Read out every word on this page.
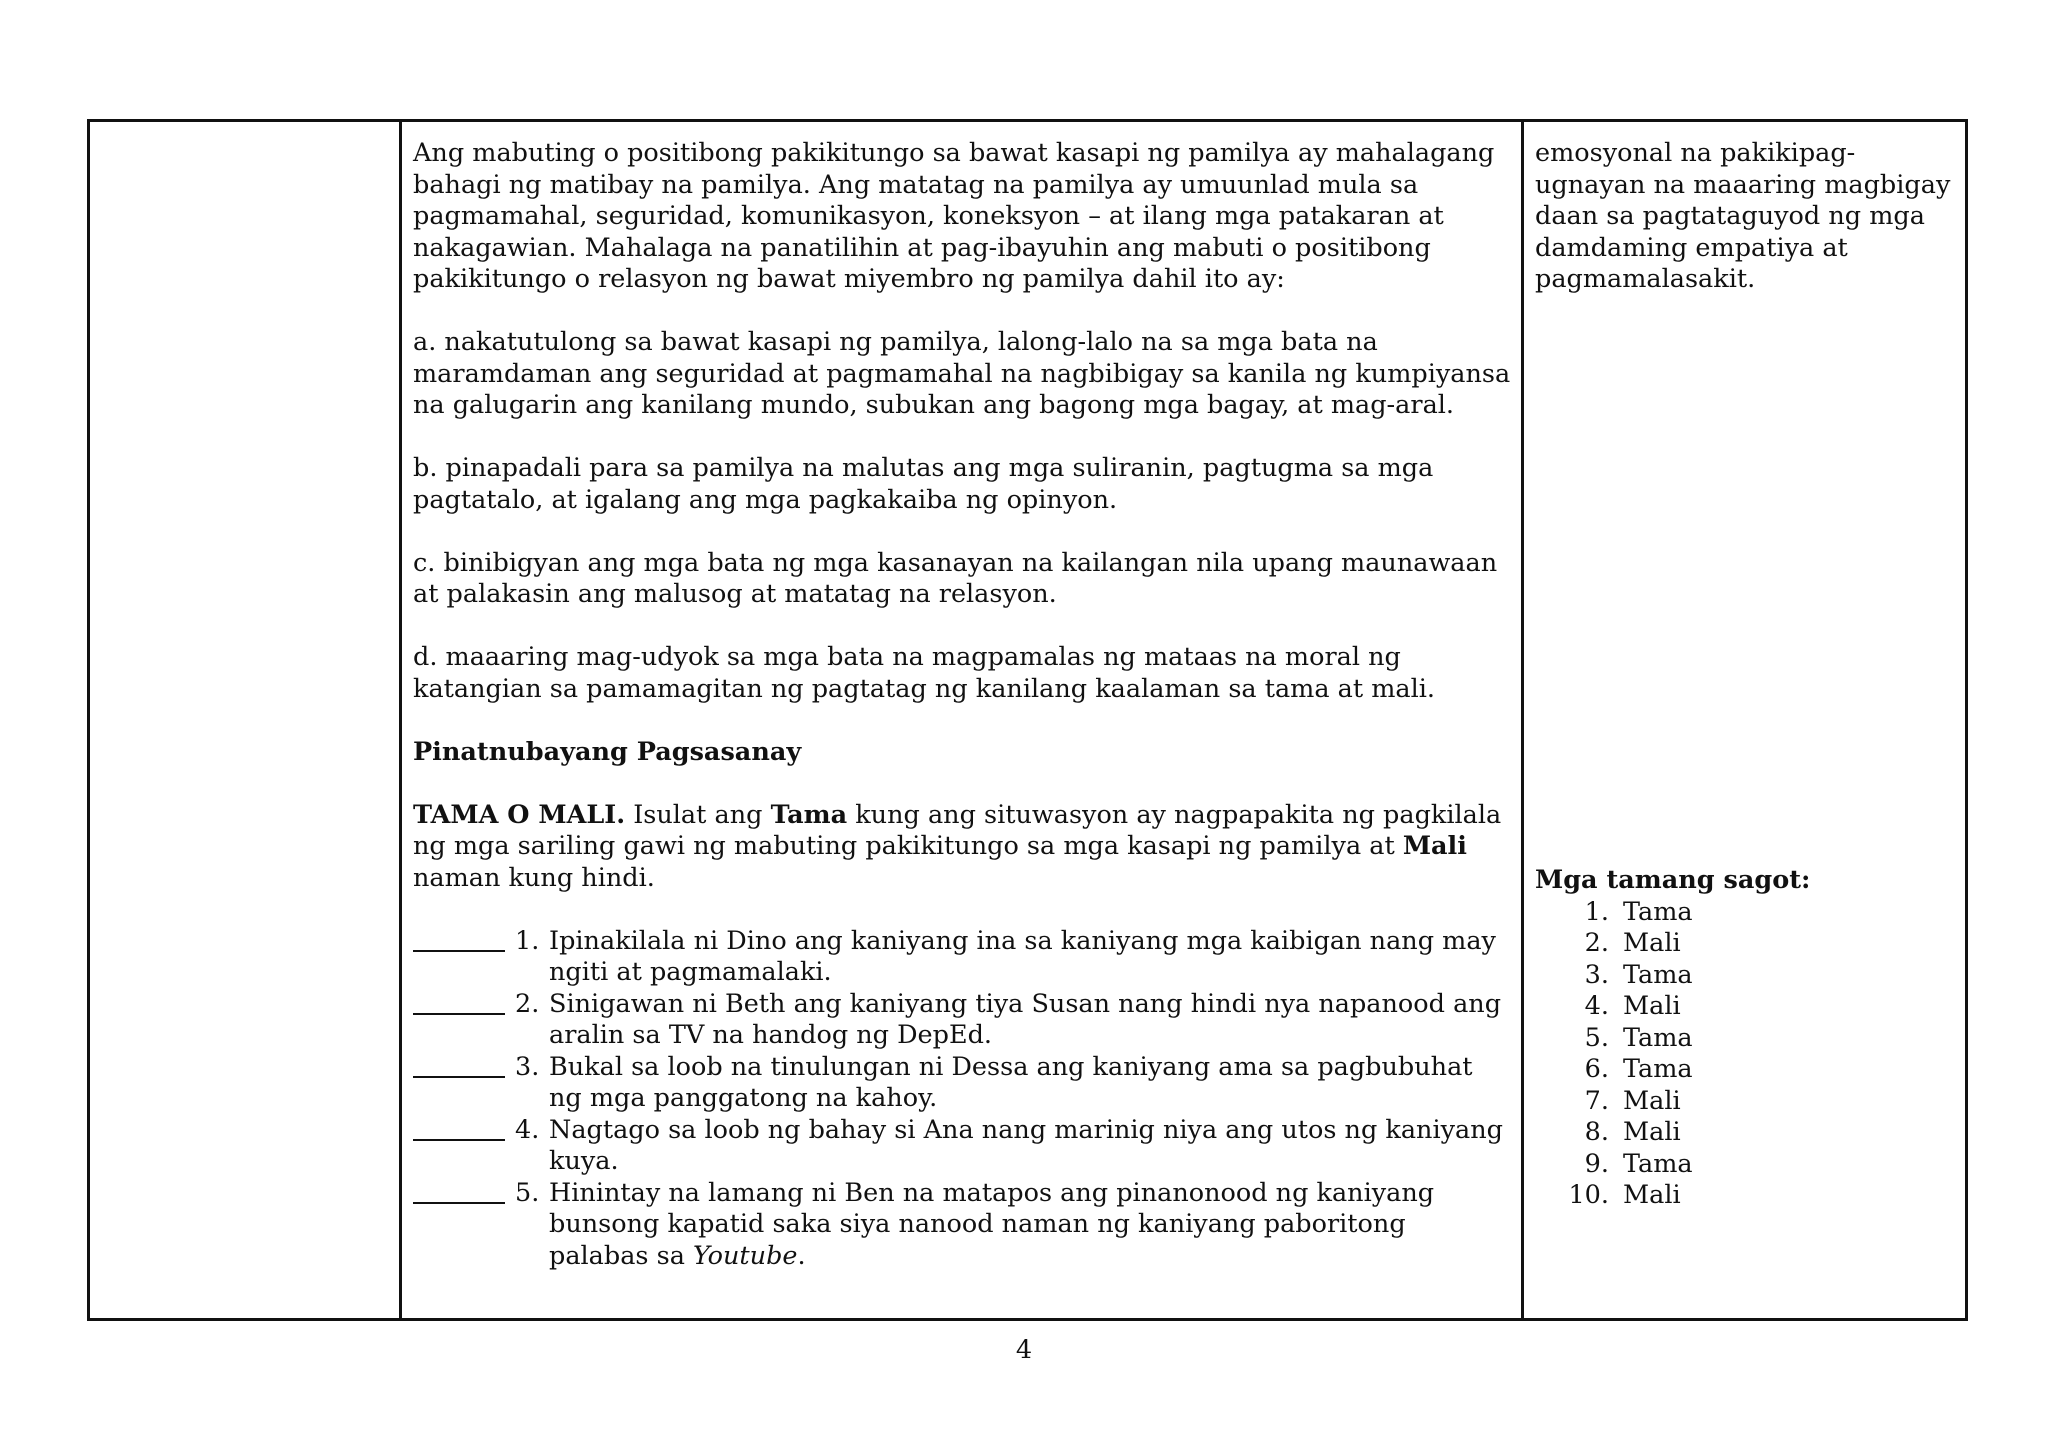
Ang mabuting o positibong pakikitungo sa bawat kasapi ng pamilya ay mahalagang bahagi ng matibay na pamilya. Ang matatag na pamilya ay umuunlad mula sa pagmamahal, seguridad, komunikasyon, koneksyon – at ilang mga patakaran at nakagawian. Mahalaga na panatilihin at pag-ibayuhin ang mabuti o positibong pakikitungo o relasyon ng bawat miyembro ng pamilya dahil ito ay:

a. nakatutulong sa bawat kasapi ng pamilya, lalong-lalo na sa mga bata na maramdaman ang seguridad at pagmamahal na nagbibigay sa kanila ng kumpiyansa na galugarin ang kanilang mundo, subukan ang bagong mga bagay, at mag-aral.

b. pinapadali para sa pamilya na malutas ang mga suliranin, pagtugma sa mga pagtatalo, at igalang ang mga pagkakaiba ng opinyon.

c. binibigyan ang mga bata ng mga kasanayan na kailangan nila upang maunawaan at palakasin ang malusog at matatag na relasyon.

d. maaaring mag-udyok sa mga bata na magpamalas ng mataas na moral ng katangian sa pamamagitan ng pagtatag ng kanilang kaalaman sa tama at mali.

Pinatnubayang Pagsasanay

TAMA O MALI. Isulat ang Tama kung ang situwasyon ay nagpapakita ng pagkilala ng mga sariling gawi ng mabuting pakikitungo sa mga kasapi ng pamilya at Mali naman kung hindi.

1. Ipinakilala ni Dino ang kaniyang ina sa kaniyang mga kaibigan nang may ngiti at pagmamalaki.
2. Sinigawan ni Beth ang kaniyang tiya Susan nang hindi nya napanood ang aralin sa TV na handog ng DepEd.
3. Bukal sa loob na tinulungan ni Dessa ang kaniyang ama sa pagbubuhat ng mga panggatong na kahoy.
4. Nagtago sa loob ng bahay si Ana nang marinig niya ang utos ng kaniyang kuya.
5. Hinintay na lamang ni Ben na matapos ang pinanonood ng kaniyang bunsong kapatid saka siya nanood naman ng kaniyang paboritong palabas sa Youtube.

emosyonal na pakikipag-ugnayan na maaaring magbigay daan sa pagtataguyod ng mga damdaming empatiya at pagmamalasakit.

Mga tamang sagot:

1. Tama
2. Mali
3. Tama
4. Mali
5. Tama
6. Tama
7. Mali
8. Mali
9. Tama
10. Mali
4
